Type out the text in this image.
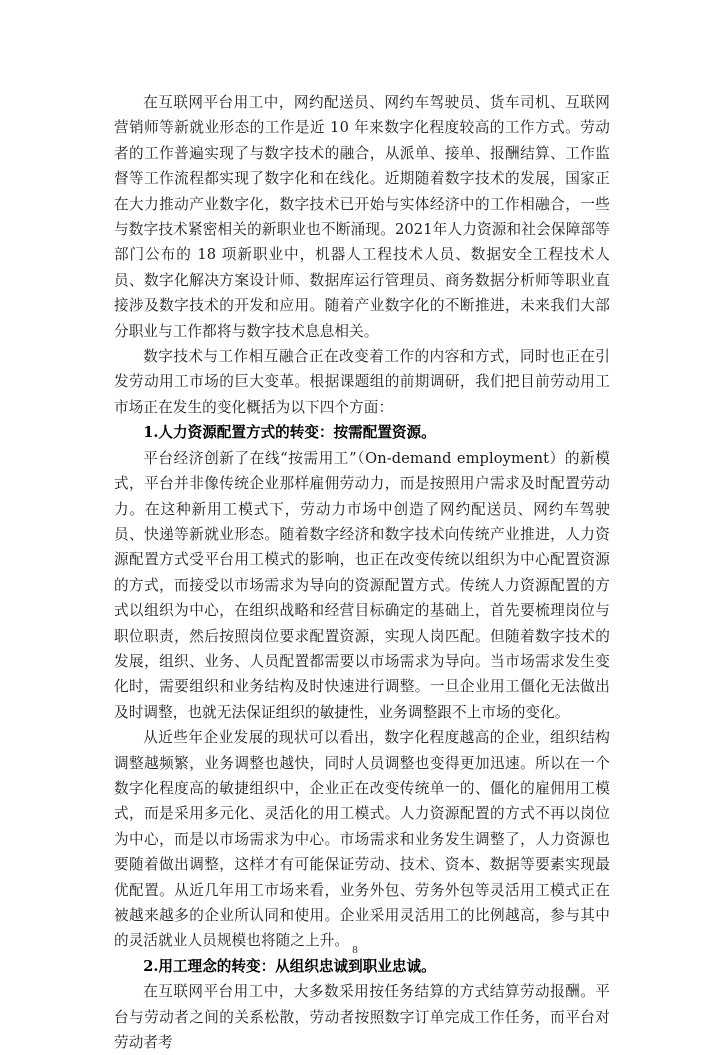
在互联网平台用工中，网约配送员、网约车驾驶员、货车司机、互联网营销师等新就业形态的工作是近 10 年来数字化程度较高的工作方式。劳动者的工作普遍实现了与数字技术的融合，从派单、接单、报酬结算、工作监督等工作流程都实现了数字化和在线化。近期随着数字技术的发展，国家正在大力推动产业数字化，数字技术已开始与实体经济中的工作相融合，一些与数字技术紧密相关的新职业也不断涌现。2021年人力资源和社会保障部等部门公布的 18 项新职业中，机器人工程技术人员、数据安全工程技术人员、数字化解决方案设计师、数据库运行管理员、商务数据分析师等职业直接涉及数字技术的开发和应用。随着产业数字化的不断推进，未来我们大部分职业与工作都将与数字技术息息相关。

数字技术与工作相互融合正在改变着工作的内容和方式，同时也正在引发劳动用工市场的巨大变革。根据课题组的前期调研，我们把目前劳动用工市场正在发生的变化概括为以下四个方面：

1.人力资源配置方式的转变：按需配置资源。

平台经济创新了在线“按需用工”（On-demand employment）的新模式，平台并非像传统企业那样雇佣劳动力，而是按照用户需求及时配置劳动力。在这种新用工模式下，劳动力市场中创造了网约配送员、网约车驾驶员、快递等新就业形态。随着数字经济和数字技术向传统产业推进，人力资源配置方式受平台用工模式的影响，也正在改变传统以组织为中心配置资源的方式，而接受以市场需求为导向的资源配置方式。传统人力资源配置的方式以组织为中心，在组织战略和经营目标确定的基础上，首先要梳理岗位与职位职责，然后按照岗位要求配置资源，实现人岗匹配。但随着数字技术的发展，组织、业务、人员配置都需要以市场需求为导向。当市场需求发生变化时，需要组织和业务结构及时快速进行调整。一旦企业用工僵化无法做出及时调整，也就无法保证组织的敏捷性，业务调整跟不上市场的变化。

从近些年企业发展的现状可以看出，数字化程度越高的企业，组织结构调整越频繁，业务调整也越快，同时人员调整也变得更加迅速。所以在一个数字化程度高的敏捷组织中，企业正在改变传统单一的、僵化的雇佣用工模式，而是采用多元化、灵活化的用工模式。人力资源配置的方式不再以岗位为中心，而是以市场需求为中心。市场需求和业务发生调整了，人力资源也要随着做出调整，这样才有可能保证劳动、技术、资本、数据等要素实现最优配置。从近几年用工市场来看，业务外包、劳务外包等灵活用工模式正在被越来越多的企业所认同和使用。企业采用灵活用工的比例越高，参与其中的灵活就业人员规模也将随之上升。

2.用工理念的转变：从组织忠诚到职业忠诚。

在互联网平台用工中，大多数采用按任务结算的方式结算劳动报酬。平台与劳动者之间的关系松散，劳动者按照数字订单完成工作任务，而平台对劳动者考

8
